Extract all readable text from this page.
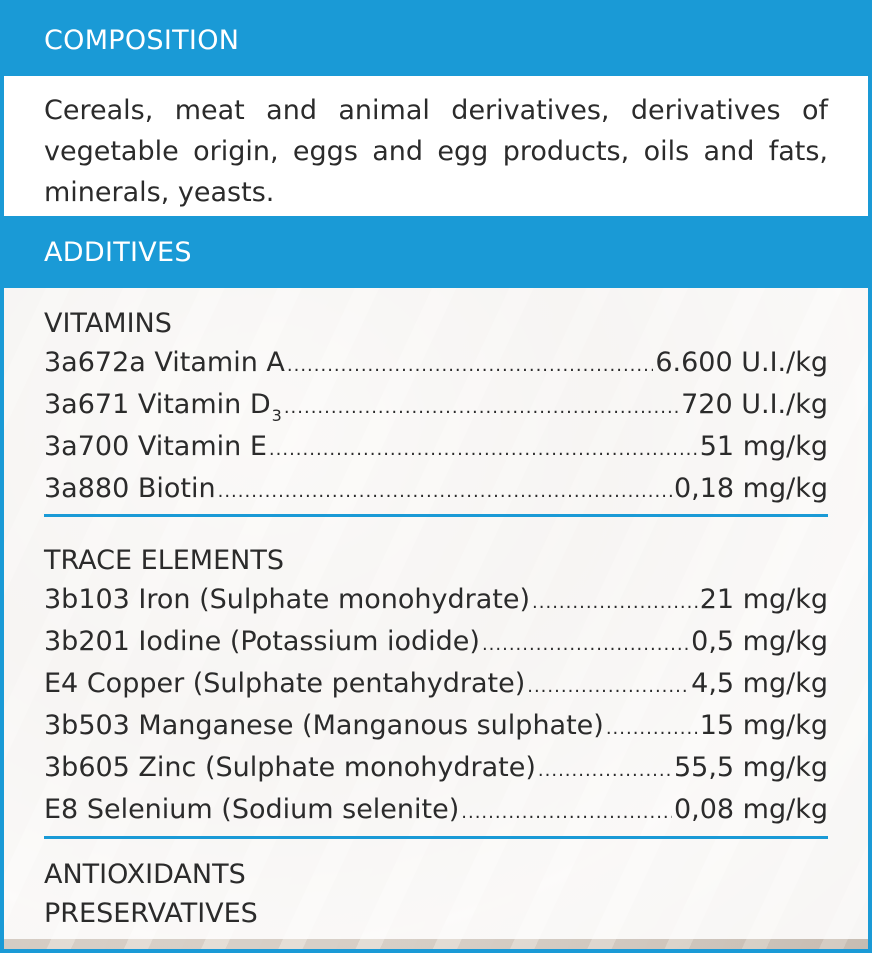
COMPOSITION

Cereals, meat and animal derivatives, derivatives of vegetable origin, eggs and egg products, oils and fats, minerals, yeasts.

ADDITIVES

VITAMINS

3a672a Vitamin A .....	6.600 U.I./kg
3a671 Vitamin $D_3$ .....	720 U.I./kg
3a700 Vitamin E .....	51 mg/kg
3a880 Biotin .....	0,18 mg/kg

TRACE ELEMENTS

3b103 Iron (Sulphate monohydrate) .....	21 mg/kg
3b201 Iodine (Potassium iodide) .....	0,5 mg/kg
E4 Copper (Sulphate pentahydrate) .....	4,5 mg/kg
3b503 Manganese (Manganous sulphate) .....	15 mg/kg
3b605 Zinc (Sulphate monohydrate) .....	55,5 mg/kg
E8 Selenium (Sodium selenite) .....	0,08 mg/kg

ANTIOXIDANTS

PRESERVATIVES
